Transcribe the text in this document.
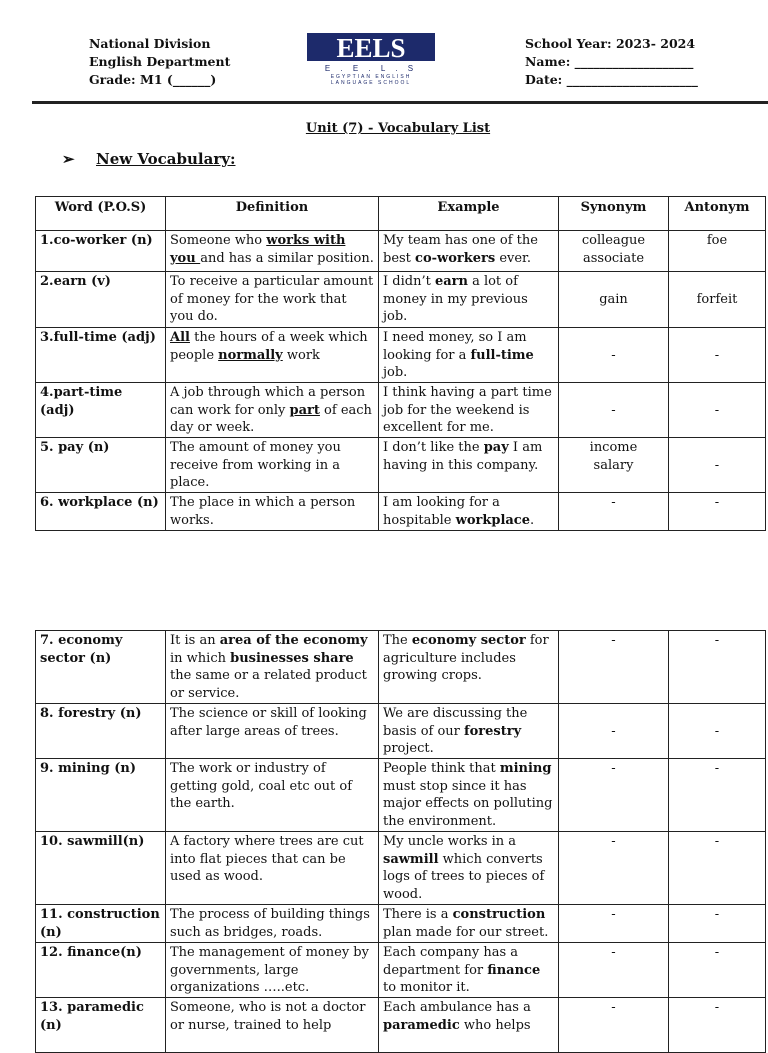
National Division
English Department
Grade: M1 (______)
EELS
E . E . L . S
EGYPTIAN ENGLISH
LANGUAGE SCHOOL
School Year: 2023- 2024
Name: ___________________
Date: _____________________
Unit (7) - Vocabulary List
➢ New Vocabulary:
Word (P.O.S)	Definition	Example	Synonym	Antonym
1.co-worker (n)	Someone who works with you and has a similar position.	My team has one of the best co-workers ever.	colleague associate	foe
2.earn (v)	To receive a particular amount of money for the work that you do.	I didn’t earn a lot of money in my previous job.	gain	forfeit
3.full-time (adj)	All the hours of a week which people normally work	I need money, so I am looking for a full-time job.	-	-
4.part-time (adj)	A job through which a person can work for only part of each day or week.	I think having a part time job for the weekend is excellent for me.	-	-
5. pay (n)	The amount of money you receive from working in a place.	I don’t like the pay I am having in this company.	income salary	-
6. workplace (n)	The place in which a person works.	I am looking for a hospitable workplace.	-	-
7. economy sector (n)	It is an area of the economy in which businesses share the same or a related product or service.	The economy sector for agriculture includes growing crops.	-	-
8. forestry (n)	The science or skill of looking after large areas of trees.	We are discussing the basis of our forestry project.	-	-
9. mining (n)	The work or industry of getting gold, coal etc out of the earth.	People think that mining must stop since it has major effects on polluting the environment.	-	-
10. sawmill(n)	A factory where trees are cut into flat pieces that can be used as wood.	My uncle works in a sawmill which converts logs of trees to pieces of wood.	-	-
11. construction (n)	The process of building things such as bridges, roads.	There is a construction plan made for our street.	-	-
12. finance(n)	The management of money by governments, large organizations …..etc.	Each company has a department for finance to monitor it.	-	-
13. paramedic (n)	Someone, who is not a doctor or nurse, trained to help	Each ambulance has a paramedic who helps	-	-
